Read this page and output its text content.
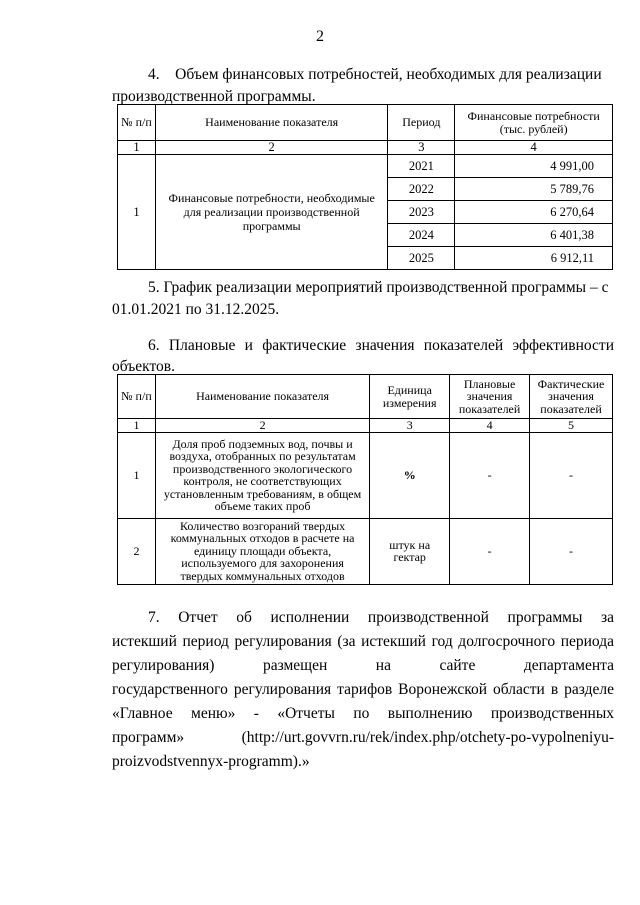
2
4.    Объем финансовых потребностей, необходимых для реализации
производственной программы.
№ п/п	Наименование показателя	Период	Финансовые потребности (тыс. рублей)
1	2	3	4
1	Финансовые потребности, необходимые для реализации производственной программы	2021	4 991,00
		2022	5 789,76
		2023	6 270,64
		2024	6 401,38
		2025	6 912,11
5. График реализации мероприятий производственной программы – с
01.01.2021 по 31.12.2025.
6. Плановые и фактические значения показателей эффективности
объектов.
№ п/п	Наименование показателя	Единица измерения	Плановые значения показателей	Фактические значения показателей
1	2	3	4	5
1	Доля проб подземных вод, почвы и воздуха, отобранных по результатам производственного экологического контроля, не соответствующих установленным требованиям, в общем объеме таких проб	%	-	-
2	Количество возгораний твердых коммунальных отходов в расчете на единицу площади объекта, используемого для захоронения твердых коммунальных отходов	штук на гектар	-	-
7. Отчет об исполнении производственной программы за
истекший период регулирования (за истекший год долгосрочного периода
регулирования) размещен на сайте департамента
государственного регулирования тарифов Воронежской области в разделе
«Главное меню» - «Отчеты по выполнению производственных
программ» (http://urt.govvrn.ru/rek/index.php/otchety-po-vypolneniyu-
proizvodstvennyx-programm).»
